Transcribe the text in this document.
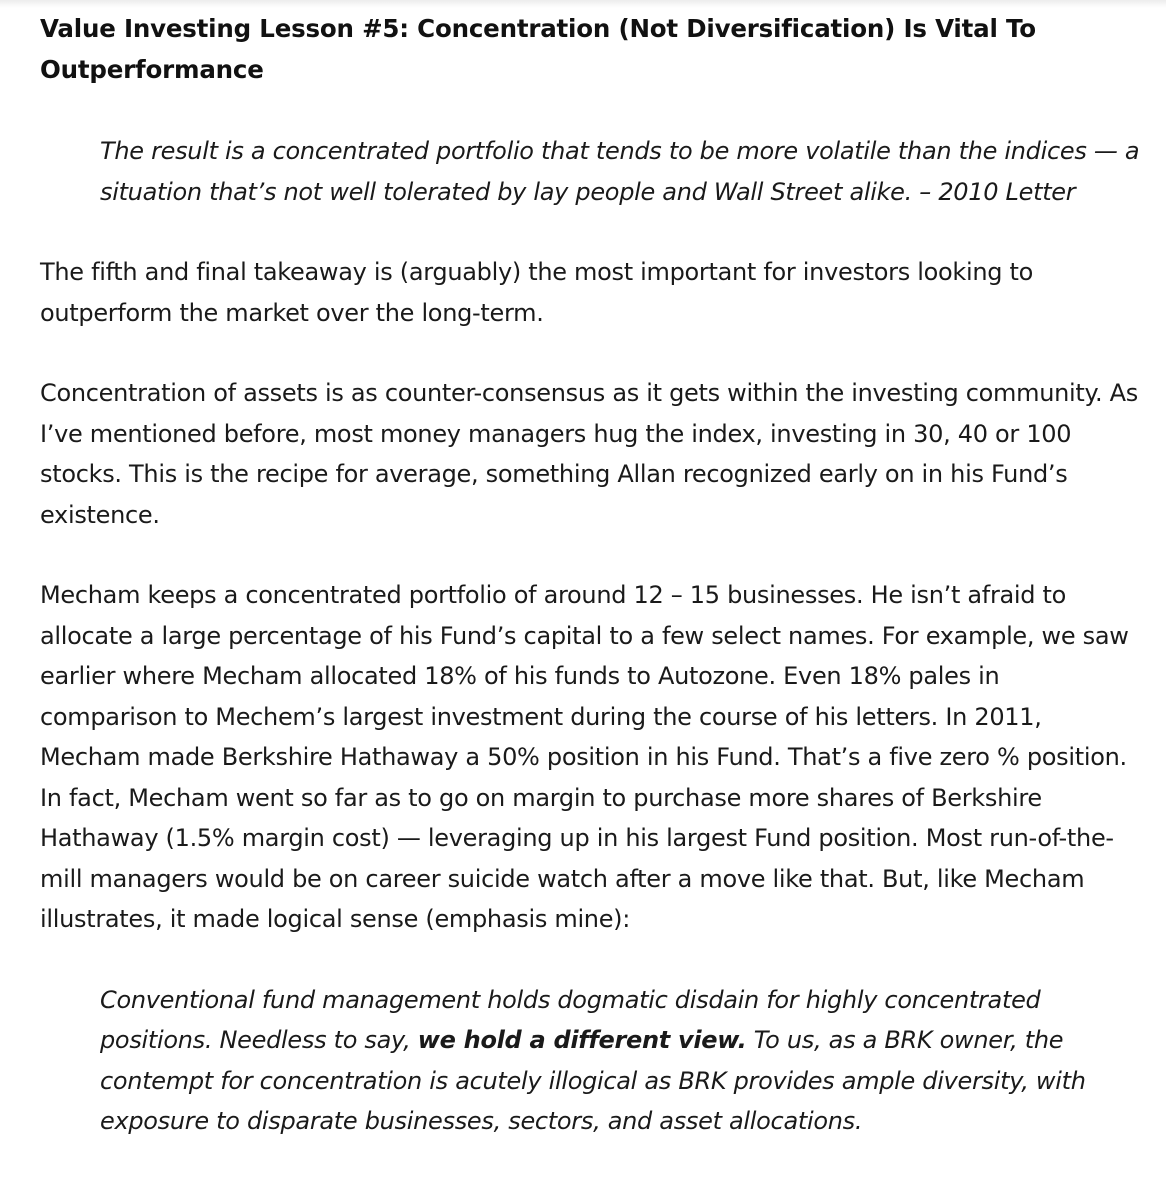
Value Investing Lesson #5: Concentration (Not Diversification) Is Vital To Outperformance
The result is a concentrated portfolio that tends to be more volatile than the indices — a situation that’s not well tolerated by lay people and Wall Street alike. – 2010 Letter

The fifth and final takeaway is (arguably) the most important for investors looking to outperform the market over the long-term.

Concentration of assets is as counter-consensus as it gets within the investing community. As I’ve mentioned before, most money managers hug the index, investing in 30, 40 or 100 stocks. This is the recipe for average, something Allan recognized early on in his Fund’s existence.

Mecham keeps a concentrated portfolio of around 12 – 15 businesses. He isn’t afraid to allocate a large percentage of his Fund’s capital to a few select names. For example, we saw earlier where Mecham allocated 18% of his funds to Autozone. Even 18% pales in comparison to Mechem’s largest investment during the course of his letters. In 2011, Mecham made Berkshire Hathaway a 50% position in his Fund. That’s a five zero % position. In fact, Mecham went so far as to go on margin to purchase more shares of Berkshire Hathaway (1.5% margin cost) — leveraging up in his largest Fund position. Most run-of-the-mill managers would be on career suicide watch after a move like that. But, like Mecham illustrates, it made logical sense (emphasis mine):

Conventional fund management holds dogmatic disdain for highly concentrated positions. Needless to say, we hold a different view. To us, as a BRK owner, the contempt for concentration is acutely illogical as BRK provides ample diversity, with exposure to disparate businesses, sectors, and asset allocations.
